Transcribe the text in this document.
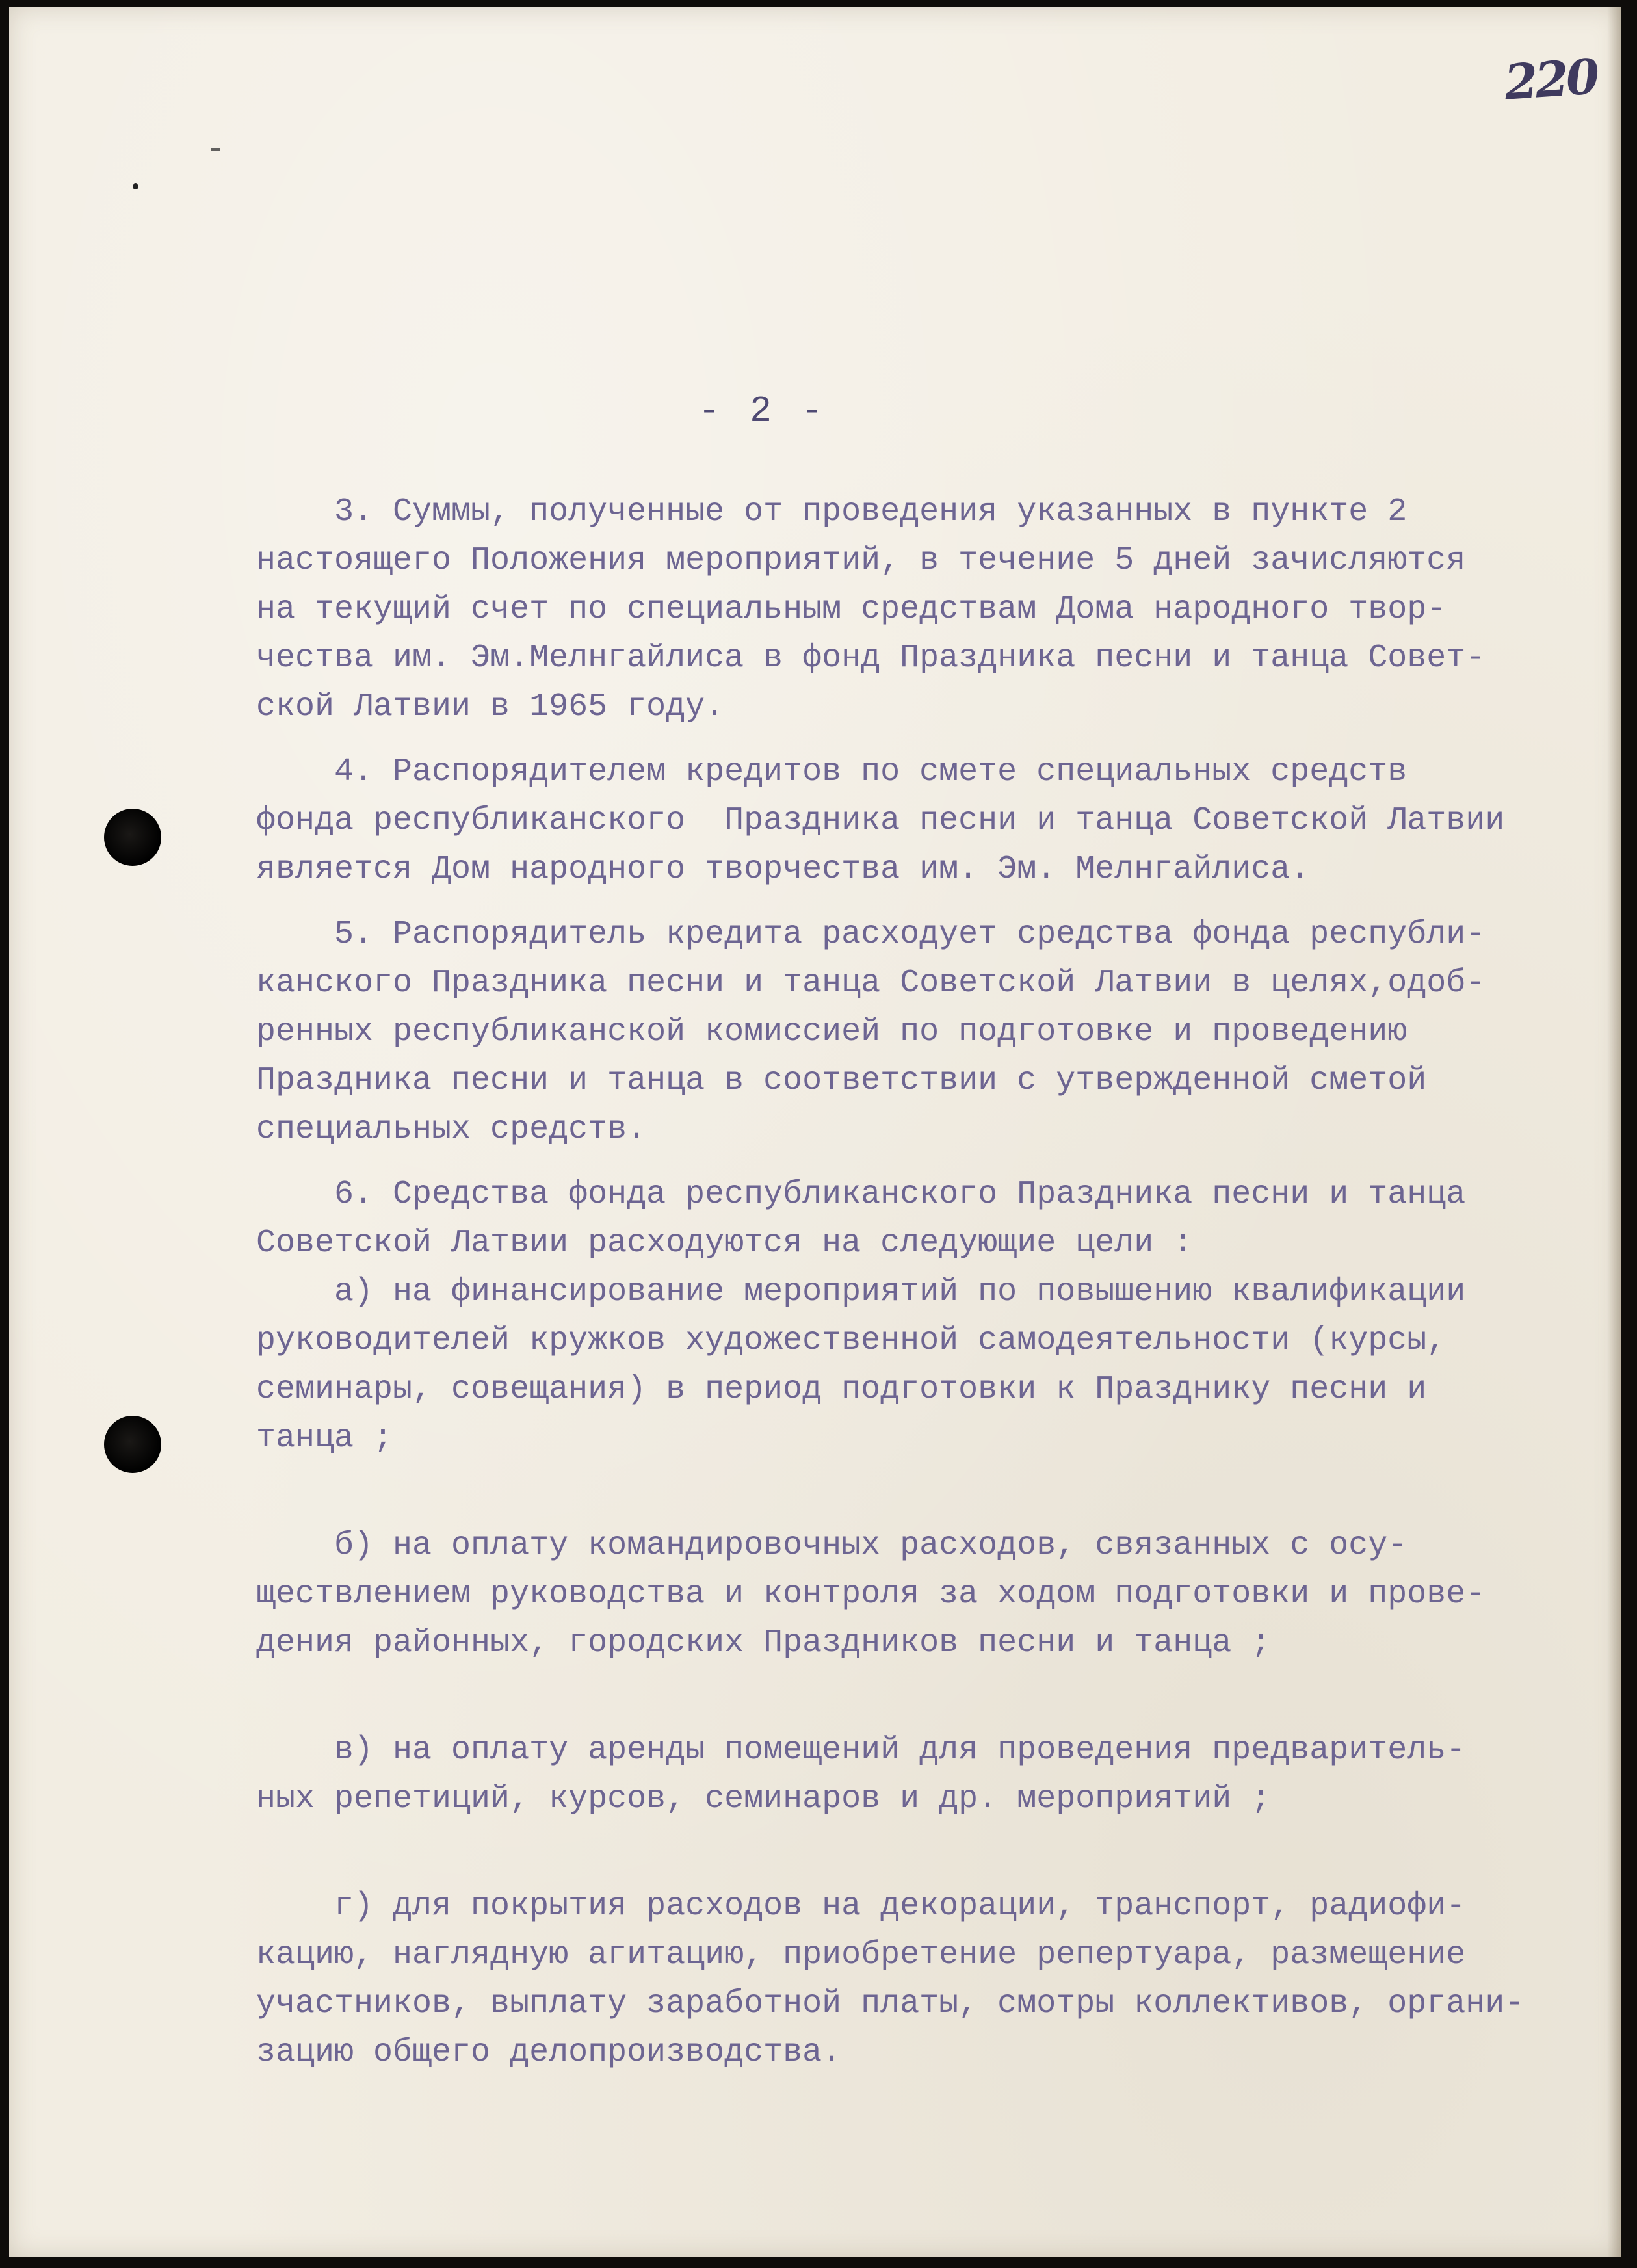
220
- 2 -
3. Суммы, полученные от проведения указанных в пункте 2
настоящего Положения мероприятий, в течение 5 дней зачисляются
на текущий счет по специальным средствам Дома народного твор-
чества им. Эм.Мелнгайлиса в фонд Праздника песни и танца Совет-
ской Латвии в 1965 году.
4. Распорядителем кредитов по смете специальных средств
фонда республиканского  Праздника песни и танца Советской Латвии
является Дом народного творчества им. Эм. Мелнгайлиса.
5. Распорядитель кредита расходует средства фонда республи-
канского Праздника песни и танца Советской Латвии в целях,одоб-
ренных республиканской комиссией по подготовке и проведению
Праздника песни и танца в соответствии с утвержденной сметой
специальных средств.
6. Средства фонда республиканского Праздника песни и танца
Советской Латвии расходуются на следующие цели :
а) на финансирование мероприятий по повышению квалификации
руководителей кружков художественной самодеятельности (курсы,
семинары, совещания) в период подготовки к Празднику песни и
танца ;
б) на оплату командировочных расходов, связанных с осу-
ществлением руководства и контроля за ходом подготовки и прове-
дения районных, городских Праздников песни и танца ;
в) на оплату аренды помещений для проведения предваритель-
ных репетиций, курсов, семинаров и др. мероприятий ;
г) для покрытия расходов на декорации, транспорт, радиофи-
кацию, наглядную агитацию, приобретение репертуара, размещение
участников, выплату заработной платы, смотры коллективов, органи-
зацию общего делопроизводства.
